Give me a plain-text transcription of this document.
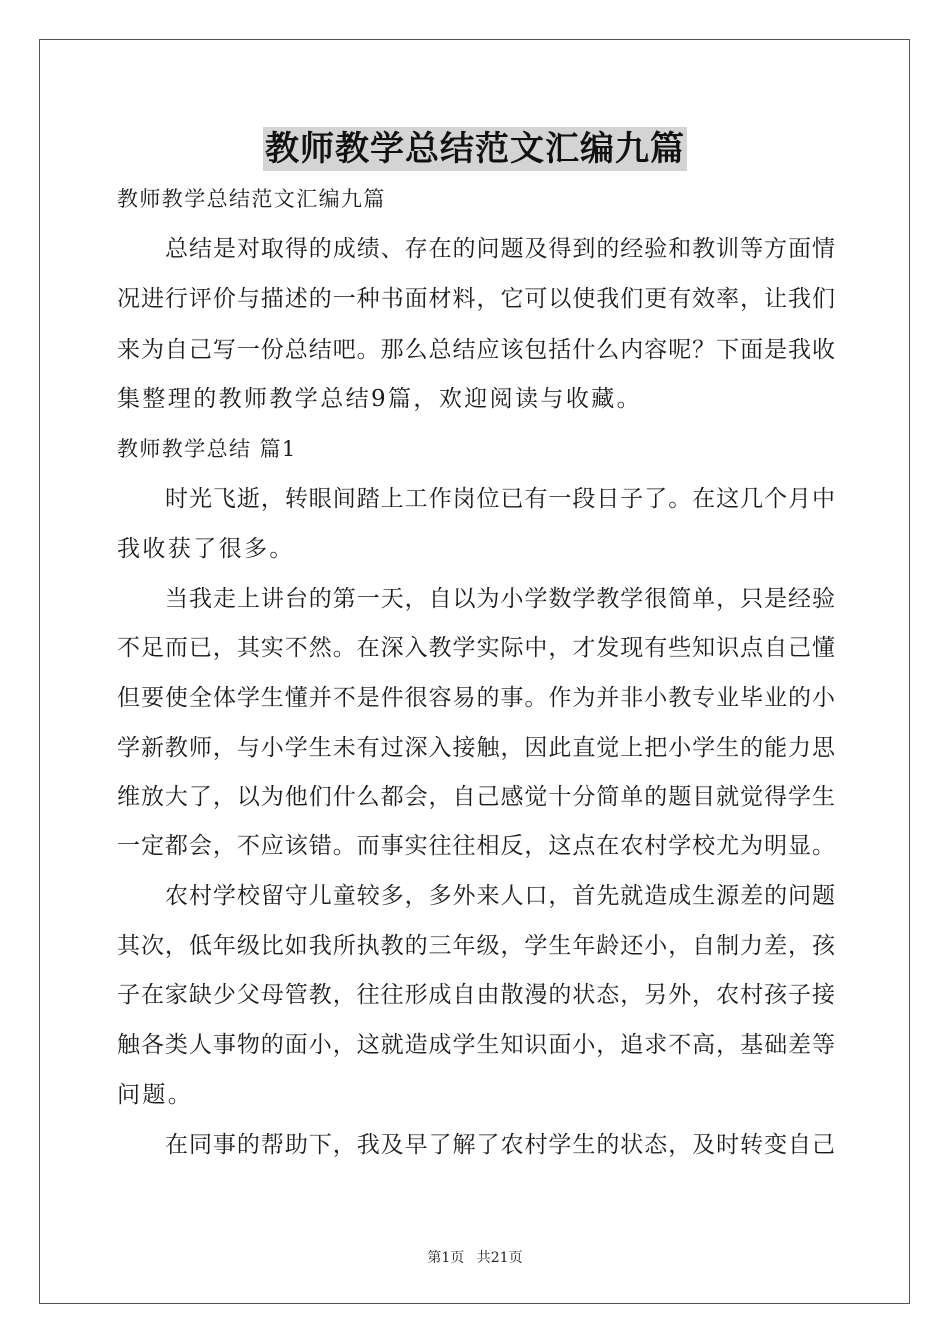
教师教学总结范文汇编九篇
教师教学总结范文汇编九篇
总结是对取得的成绩、存在的问题及得到的经验和教训等方面情
况进行评价与描述的一种书面材料，它可以使我们更有效率，让我们
来为自己写一份总结吧。那么总结应该包括什么内容呢？下面是我收
集整理的教师教学总结9篇，欢迎阅读与收藏。
教师教学总结 篇1
时光飞逝，转眼间踏上工作岗位已有一段日子了。在这几个月中
我收获了很多。
当我走上讲台的第一天，自以为小学数学教学很简单，只是经验
不足而已，其实不然。在深入教学实际中，才发现有些知识点自己懂
但要使全体学生懂并不是件很容易的事。作为并非小教专业毕业的小
学新教师，与小学生未有过深入接触，因此直觉上把小学生的能力思
维放大了，以为他们什么都会，自己感觉十分简单的题目就觉得学生
一定都会，不应该错。而事实往往相反，这点在农村学校尤为明显。
农村学校留守儿童较多，多外来人口，首先就造成生源差的问题
其次，低年级比如我所执教的三年级，学生年龄还小，自制力差，孩
子在家缺少父母管教，往往形成自由散漫的状态，另外，农村孩子接
触各类人事物的面小，这就造成学生知识面小，追求不高，基础差等
问题。
在同事的帮助下，我及早了解了农村学生的状态，及时转变自己
第1页 共21页
